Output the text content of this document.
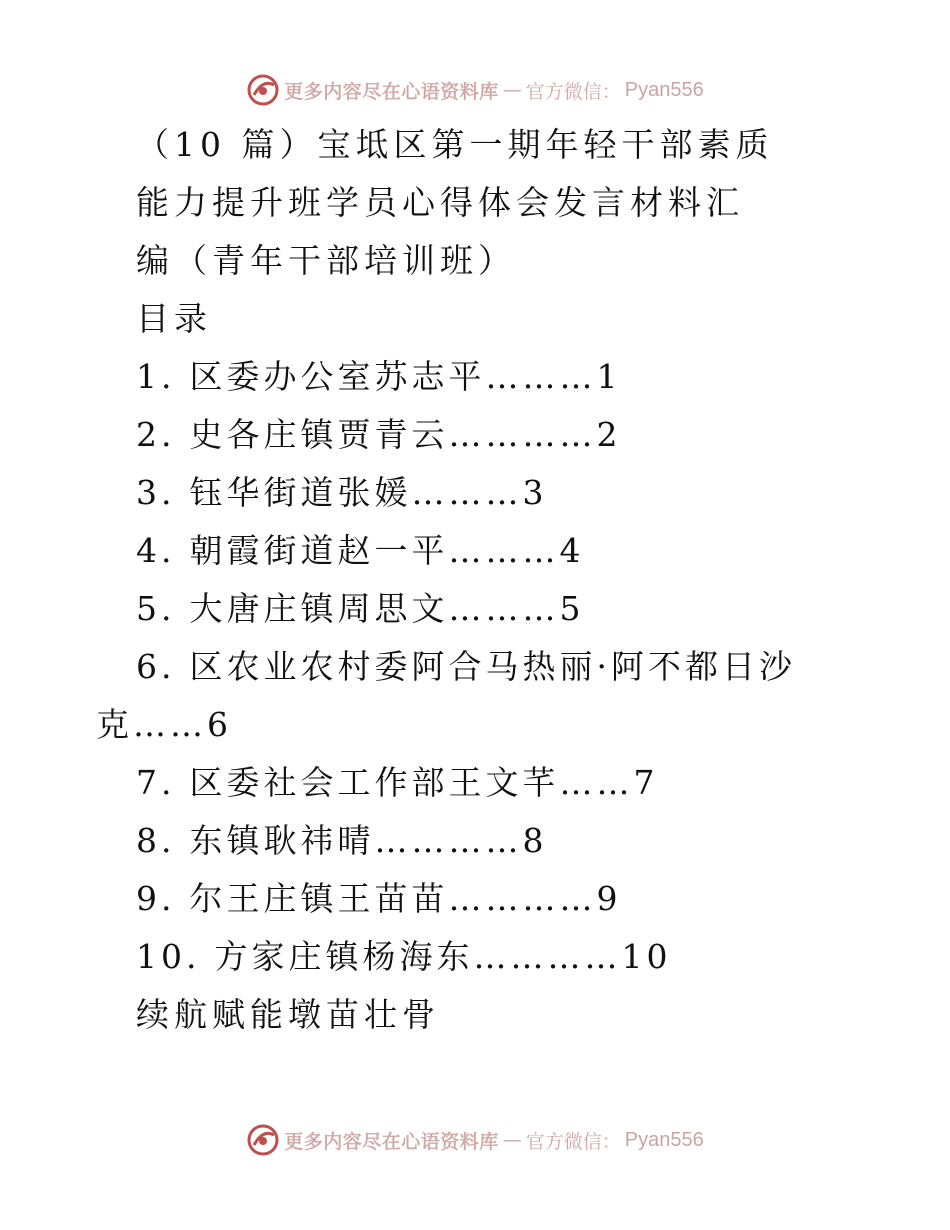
更多内容尽在心语资料库 — 官方微信： Pyan556
（10 篇）宝坻区第一期年轻干部素质能力提升班学员心得体会发言材料汇编（青年干部培训班）
目录
1. 区委办公室苏志平………1
2. 史各庄镇贾青云…………2
3. 钰华街道张媛………3
4. 朝霞街道赵一平………4
5. 大唐庄镇周思文………5
6. 区农业农村委阿合马热丽·阿不都日沙
克……6
7. 区委社会工作部王文芊……7
8. 东镇耿祎晴…………8
9. 尔王庄镇王苗苗…………9
10. 方家庄镇杨海东…………10
续航赋能墩苗壮骨
更多内容尽在心语资料库 — 官方微信： Pyan556
